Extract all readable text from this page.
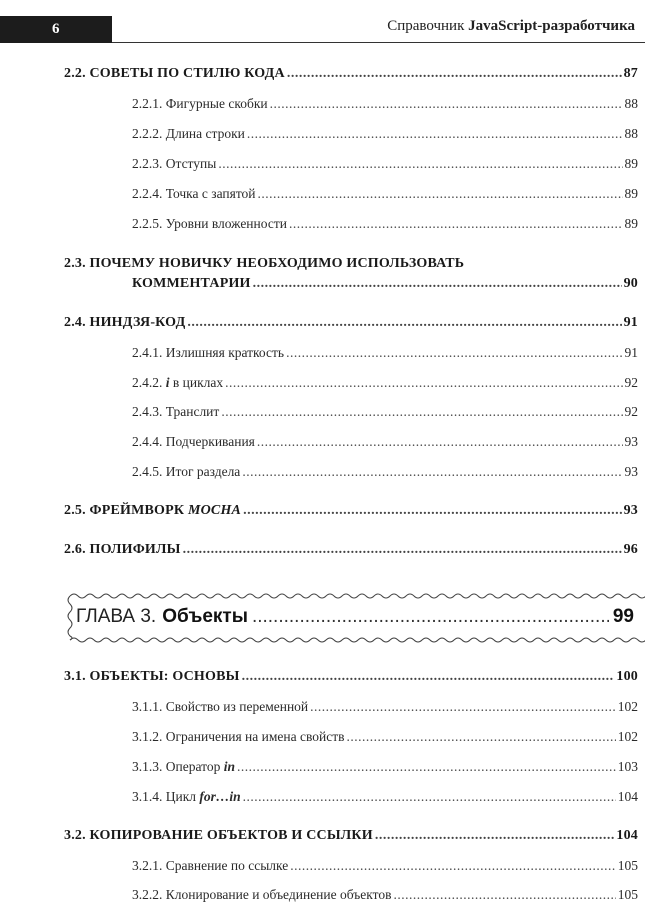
6	Справочник JavaScript-разработчика
2.2. СОВЕТЫ ПО СТИЛЮ КОДА .....	87
2.2.1. Фигурные скобки .....	88
2.2.2. Длина строки .....	88
2.2.3. Отступы .....	89
2.2.4. Точка с запятой .....	89
2.2.5. Уровни вложенности .....	89
2.3. ПОЧЕМУ НОВИЧКУ НЕОБХОДИМО ИСПОЛЬЗОВАТЬ
КОММЕНТАРИИ .....	90
2.4. НИНДЗЯ-КОД .....	91
2.4.1. Излишняя краткость .....	91
2.4.2. i в циклах .....	92
2.4.3. Транслит .....	92
2.4.4. Подчеркивания .....	93
2.4.5. Итог раздела .....	93
2.5. ФРЕЙМВОРК MOCHA .....	93
2.6. ПОЛИФИЛЫ .....	96
ГЛАВА 3. Объекты .....	99
3.1. ОБЪЕКТЫ: ОСНОВЫ .....	100
3.1.1. Свойство из переменной .....	102
3.1.2. Ограничения на имена свойств .....	102
3.1.3. Оператор in .....	103
3.1.4. Цикл for…in .....	104
3.2. КОПИРОВАНИЕ ОБЪЕКТОВ И ССЫЛКИ .....	104
3.2.1. Сравнение по ссылке .....	105
3.2.2. Клонирование и объединение объектов .....	105
